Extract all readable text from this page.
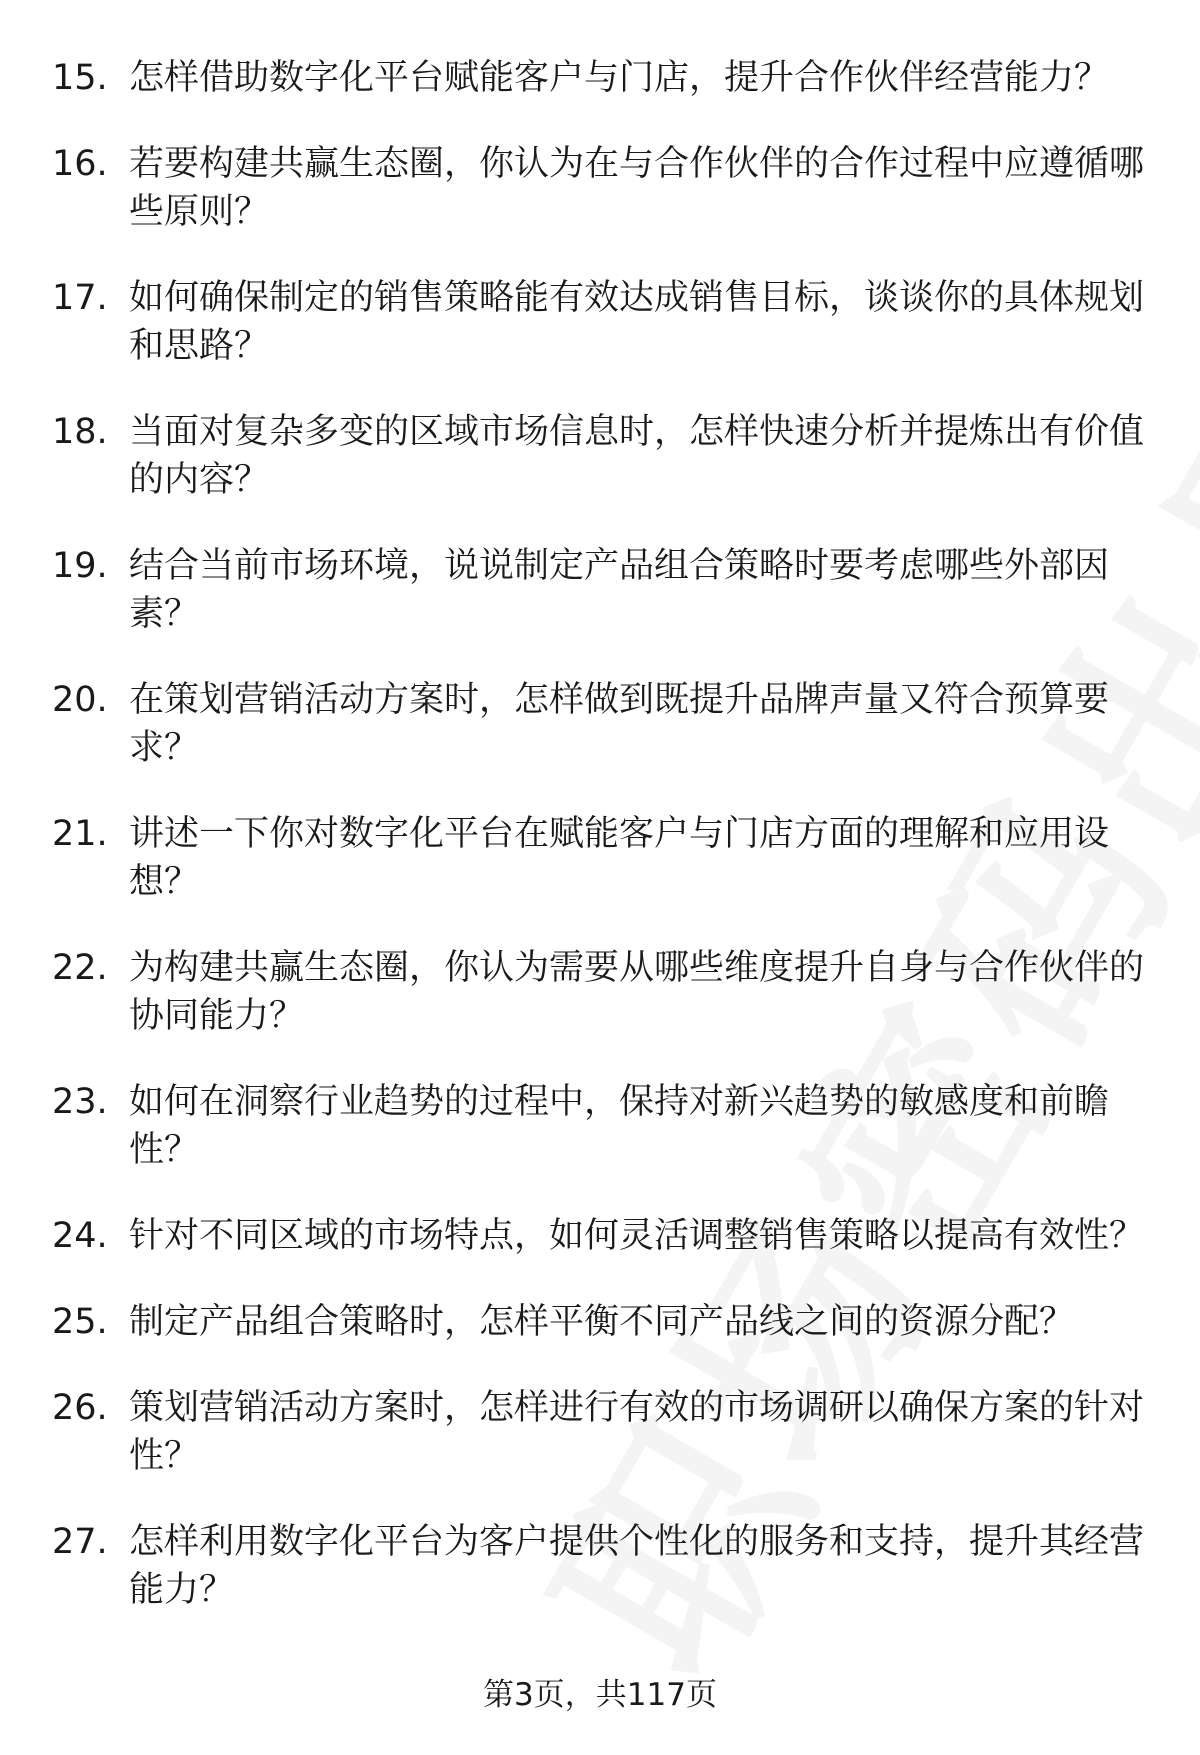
15. 怎样借助数字化平台赋能客户与门店，提升合作伙伴经营能力？
16. 若要构建共赢生态圈，你认为在与合作伙伴的合作过程中应遵循哪些原则？
17. 如何确保制定的销售策略能有效达成销售目标，谈谈你的具体规划和思路？
18. 当面对复杂多变的区域市场信息时，怎样快速分析并提炼出有价值的内容？
19. 结合当前市场环境，说说制定产品组合策略时要考虑哪些外部因素？
20. 在策划营销活动方案时，怎样做到既提升品牌声量又符合预算要求？
21. 讲述一下你对数字化平台在赋能客户与门店方面的理解和应用设想？
22. 为构建共赢生态圈，你认为需要从哪些维度提升自身与合作伙伴的协同能力？
23. 如何在洞察行业趋势的过程中，保持对新兴趋势的敏感度和前瞻性？
24. 针对不同区域的市场特点，如何灵活调整销售策略以提高有效性？
25. 制定产品组合策略时，怎样平衡不同产品线之间的资源分配？
26. 策划营销活动方案时，怎样进行有效的市场调研以确保方案的针对性？
27. 怎样利用数字化平台为客户提供个性化的服务和支持，提升其经营能力？
第3页，共117页
